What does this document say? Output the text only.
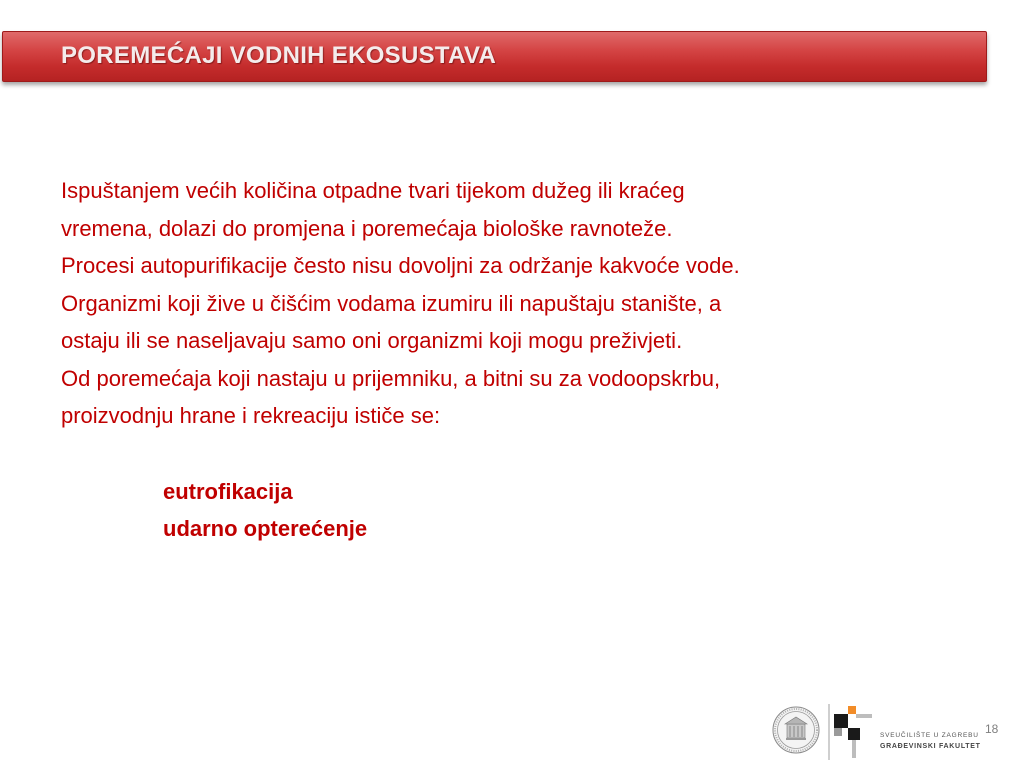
POREMEĆAJI VODNIH EKOSUSTAVA

Ispuštanjem većih količina otpadne tvari tijekom dužeg ili kraćeg

vremena, dolazi do promjena i poremećaja biološke ravnoteže.

Procesi autopurifikacije često nisu dovoljni za održanje kakvoće vode.

Organizmi koji žive u čišćim vodama izumiru ili napuštaju stanište, a

ostaju ili se naseljavaju samo oni organizmi koji mogu preživjeti.

Od poremećaja koji nastaju u prijemniku, a bitni su za vodoopskrbu,

proizvodnju hrane i rekreaciju ističe se:

eutrofikacija
udarno opterećenje
SVEUČILIŠTE U ZAGREBU
GRAĐEVINSKI FAKULTET
18
